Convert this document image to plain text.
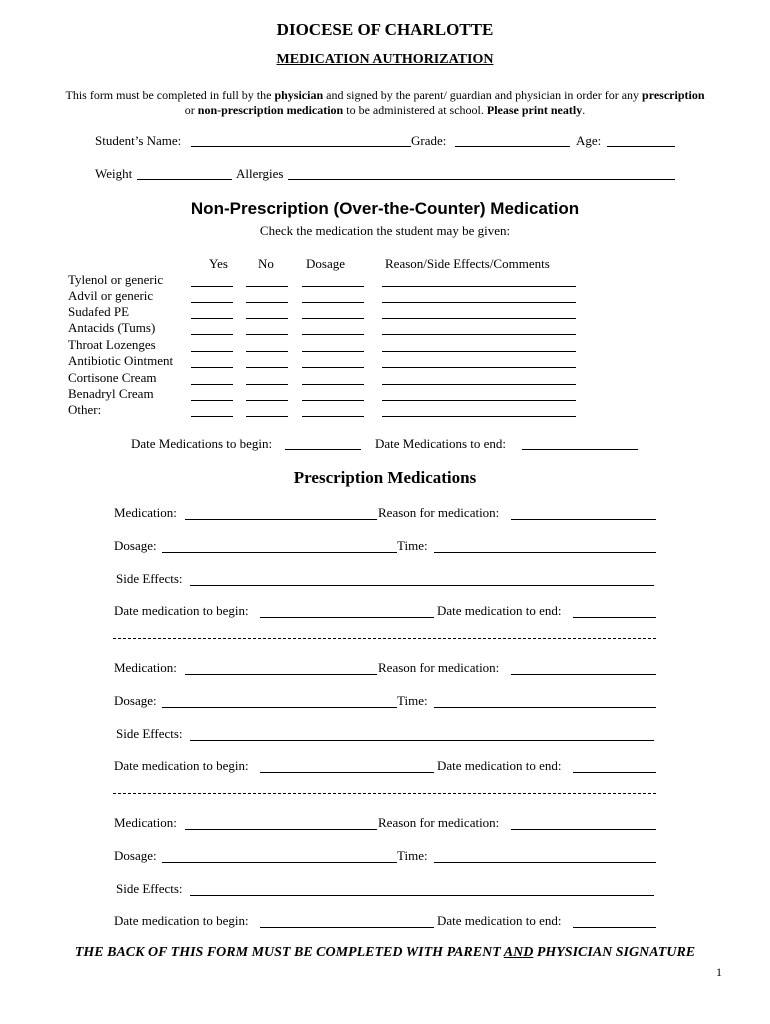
DIOCESE OF CHARLOTTE
MEDICATION AUTHORIZATION
This form must be completed in full by the physician and signed by the parent/ guardian and physician in order for any prescription
or non-prescription medication to be administered at school. Please print neatly.
Student’s Name:	Grade:	Age:
Weight	Allergies
Non-Prescription (Over-the-Counter) Medication
Check the medication the student may be given:
Yes No Dosage	Reason/Side Effects/Comments
Tylenol or generic
Advil or generic
Sudafed PE
Antacids (Tums)
Throat Lozenges
Antibiotic Ointment
Cortisone Cream
Benadryl Cream
Other:
Date Medications to begin:	Date Medications to end:
Prescription Medications
Medication:	Reason for medication:
Dosage:	Time:
Side Effects:
Date medication to begin:	Date medication to end:
Medication:	Reason for medication:
Dosage:	Time:
Side Effects:
Date medication to begin:	Date medication to end:
Medication:	Reason for medication:
Dosage:	Time:
Side Effects:
Date medication to begin:	Date medication to end:
THE BACK OF THIS FORM MUST BE COMPLETED WITH PARENT AND PHYSICIAN SIGNATURE
1
